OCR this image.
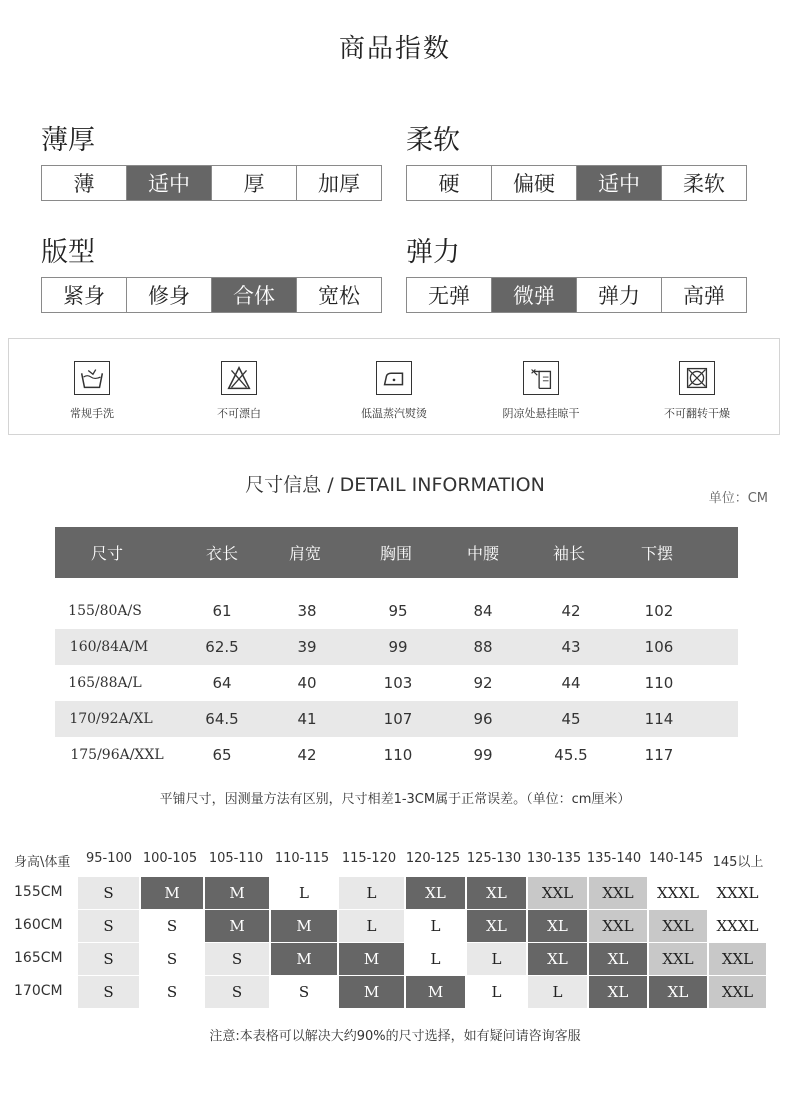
商品指数
薄厚
薄	适中	厚	加厚
柔软
硬	偏硬	适中	柔软
版型
紧身	修身	合体	宽松
弹力
无弹	微弹	弹力	高弹
常规手洗	不可漂白	低温蒸汽熨烫	阴凉处悬挂晾干	不可翻转干燥
尺寸信息 / DETAIL INFORMATION
单位：CM
尺寸	衣长	肩宽	胸围	中腰	袖长	下摆
155/80A/S	61	38	95	84	42	102
160/84A/M	62.5	39	99	88	43	106
165/88A/L	64	40	103	92	44	110
170/92A/XL	64.5	41	107	96	45	114
175/96A/XXL	65	42	110	99	45.5	117
平铺尺寸，因测量方法有区别，尺寸相差1-3CM属于正常误差。（单位：cm厘米）
身高\体重 95-100 100-105 105-110 110-115 115-120 120-125 125-130 130-135 135-140 140-145 145以上
155CM	S	M	M	L	L	XL	XL	XXL	XXL	XXXL	XXXL
160CM	S	S	M	M	L	L	XL	XL	XXL	XXL	XXXL
165CM	S	S	S	M	M	L	L	XL	XL	XXL	XXL
170CM	S	S	S	S	M	M	L	L	XL	XL	XXL
注意:本表格可以解决大约90%的尺寸选择，如有疑问请咨询客服
